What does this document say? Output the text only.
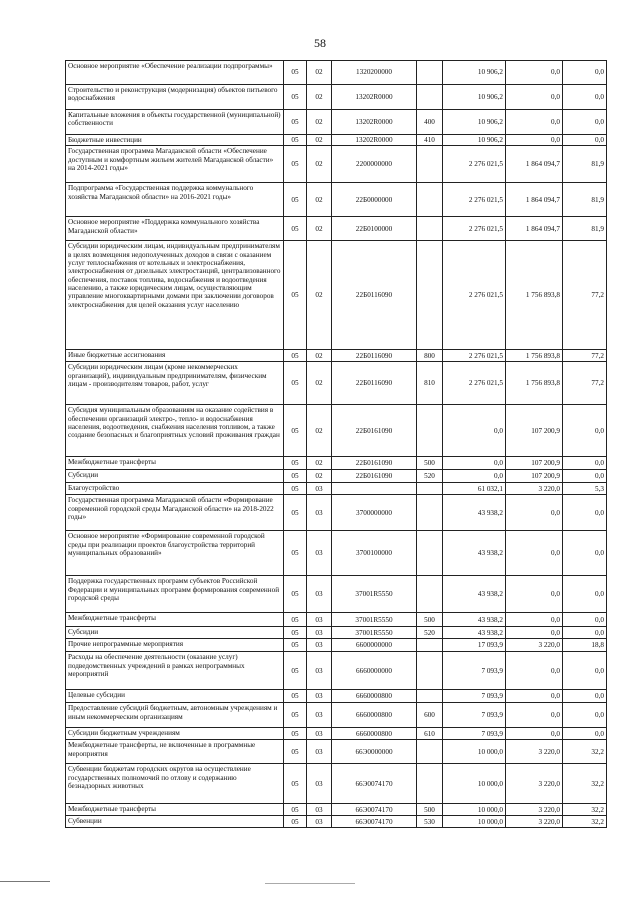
58
Основное мероприятие «Обеспечение реализации подпрограммы»	05	02	1320200000		10 906,2	0,0	0,0
Строительство и реконструкция (модернизация) объектов питьевого водоснабжения	05	02	13202R0000		10 906,2	0,0	0,0
Капитальные вложения в объекты государственной (муниципальной) собственности	05	02	13202R0000	400	10 906,2	0,0	0,0
Бюджетные инвестиции	05	02	13202R0000	410	10 906,2	0,0	0,0
Государственная программа Магаданской области «Обеспечение доступным и комфортным жильем жителей Магаданской области» на 2014-2021 годы»	05	02	2200000000		2 276 021,5	1 864 094,7	81,9
Подпрограмма «Государственная поддержка коммунального хозяйства Магаданской области» на 2016-2021 годы»	05	02	22Б0000000		2 276 021,5	1 864 094,7	81,9
Основное мероприятие «Поддержка коммунального хозяйства Магаданской области»	05	02	22Б0100000		2 276 021,5	1 864 094,7	81,9
Субсидии юридическим лицам, индивидуальным предпринимателям в целях возмещения недополученных доходов в связи с оказанием услуг теплоснабжения от котельных и электроснабжения, электроснабжения от дизельных электростанций, централизованного обеспечения, поставок топлива, водоснабжения и водоотведения населению, а также юридическим лицам, осуществляющим управление многоквартирными домами при заключении договоров электроснабжения для целей оказания услуг населению	05	02	22Б0116090		2 276 021,5	1 756 893,8	77,2
Иные бюджетные ассигнования	05	02	22Б0116090	800	2 276 021,5	1 756 893,8	77,2
Субсидии юридическим лицам (кроме некоммерческих организаций), индивидуальным предпринимателям, физическим лицам - производителям товаров, работ, услуг	05	02	22Б0116090	810	2 276 021,5	1 756 893,8	77,2
Субсидия муниципальным образованиям на оказание содействия в обеспечении организаций электро-, тепло- и водоснабжения населения, водоотведения, снабжения населения топливом, а также создание безопасных и благоприятных условий проживания граждан	05	02	22Б0161090		0,0	107 200,9	0,0
Межбюджетные трансферты	05	02	22Б0161090	500	0,0	107 200,9	0,0
Субсидии	05	02	22Б0161090	520	0,0	107 200,9	0,0
Благоустройство	05	03			61 032,1	3 220,0	5,3
Государственная программа Магаданской области «Формирование современной городской среды Магаданской области» на 2018-2022 годы»	05	03	3700000000		43 938,2	0,0	0,0
Основное мероприятие «Формирование современной городской среды при реализации проектов благоустройства территорий муниципальных образований»	05	03	3700100000		43 938,2	0,0	0,0
Поддержка государственных программ субъектов Российской Федерации и муниципальных программ формирования современной городской среды	05	03	37001R5550		43 938,2	0,0	0,0
Межбюджетные трансферты	05	03	37001R5550	500	43 938,2	0,0	0,0
Субсидии	05	03	37001R5550	520	43 938,2	0,0	0,0
Прочие непрограммные мероприятия	05	03	6600000000		17 093,9	3 220,0	18,8
Расходы на обеспечение деятельности (оказание услуг) подведомственных учреждений в рамках непрограммных мероприятий	05	03	6660000000		7 093,9	0,0	0,0
Целевые субсидии	05	03	6660000800		7 093,9	0,0	0,0
Предоставление субсидий бюджетным, автономным учреждениям и иным некоммерческим организациям	05	03	6660000800	600	7 093,9	0,0	0,0
Субсидии бюджетным учреждениям	05	03	6660000800	610	7 093,9	0,0	0,0
Межбюджетные трансферты, не включенные в программные мероприятия	05	03	66Э0000000		10 000,0	3 220,0	32,2
Субвенции бюджетам городских округов на осуществление государственных полномочий по отлову и содержанию безнадзорных животных	05	03	66Э0074170		10 000,0	3 220,0	32,2
Межбюджетные трансферты	05	03	66Э0074170	500	10 000,0	3 220,0	32,2
Субвенции	05	03	66Э0074170	530	10 000,0	3 220,0	32,2
